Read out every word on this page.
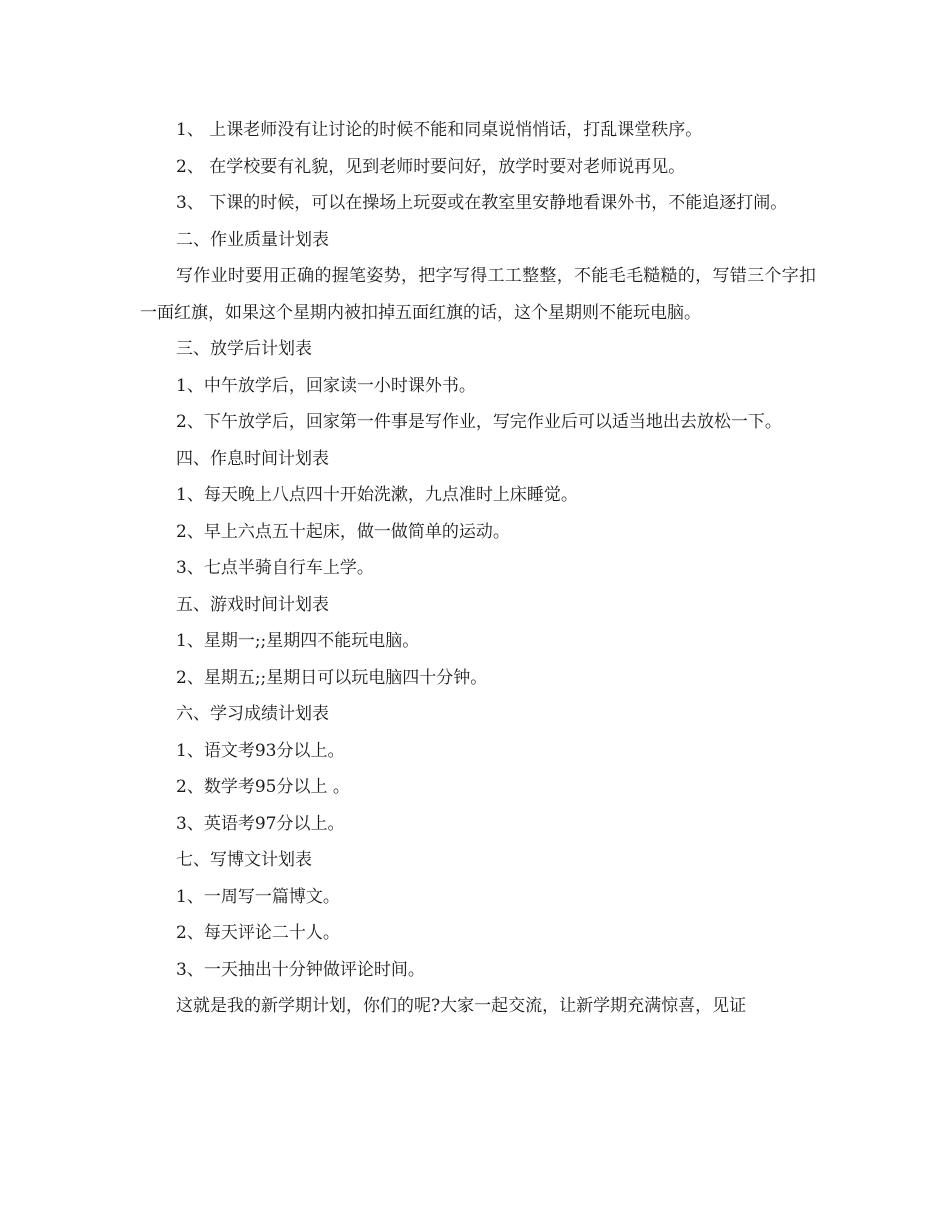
1、 上课老师没有让讨论的时候不能和同桌说悄悄话，打乱课堂秩序。

2、 在学校要有礼貌，见到老师时要问好，放学时要对老师说再见。

3、 下课的时候，可以在操场上玩耍或在教室里安静地看课外书，不能追逐打闹。

二、作业质量计划表

写作业时要用正确的握笔姿势，把字写得工工整整，不能毛毛糙糙的，写错三个字扣一面红旗，如果这个星期内被扣掉五面红旗的话，这个星期则不能玩电脑。

三、放学后计划表

1、中午放学后，回家读一小时课外书。

2、下午放学后，回家第一件事是写作业，写完作业后可以适当地出去放松一下。

四、作息时间计划表

1、每天晚上八点四十开始洗漱，九点准时上床睡觉。

2、早上六点五十起床，做一做简单的运动。

3、七点半骑自行车上学。

五、游戏时间计划表

1、星期一;;星期四不能玩电脑。

2、星期五;;星期日可以玩电脑四十分钟。

六、学习成绩计划表

1、语文考93分以上。

2、数学考95分以上 。

3、英语考97分以上。

七、写博文计划表

1、一周写一篇博文。

2、每天评论二十人。

3、一天抽出十分钟做评论时间。

这就是我的新学期计划，你们的呢?大家一起交流，让新学期充满惊喜，见证
